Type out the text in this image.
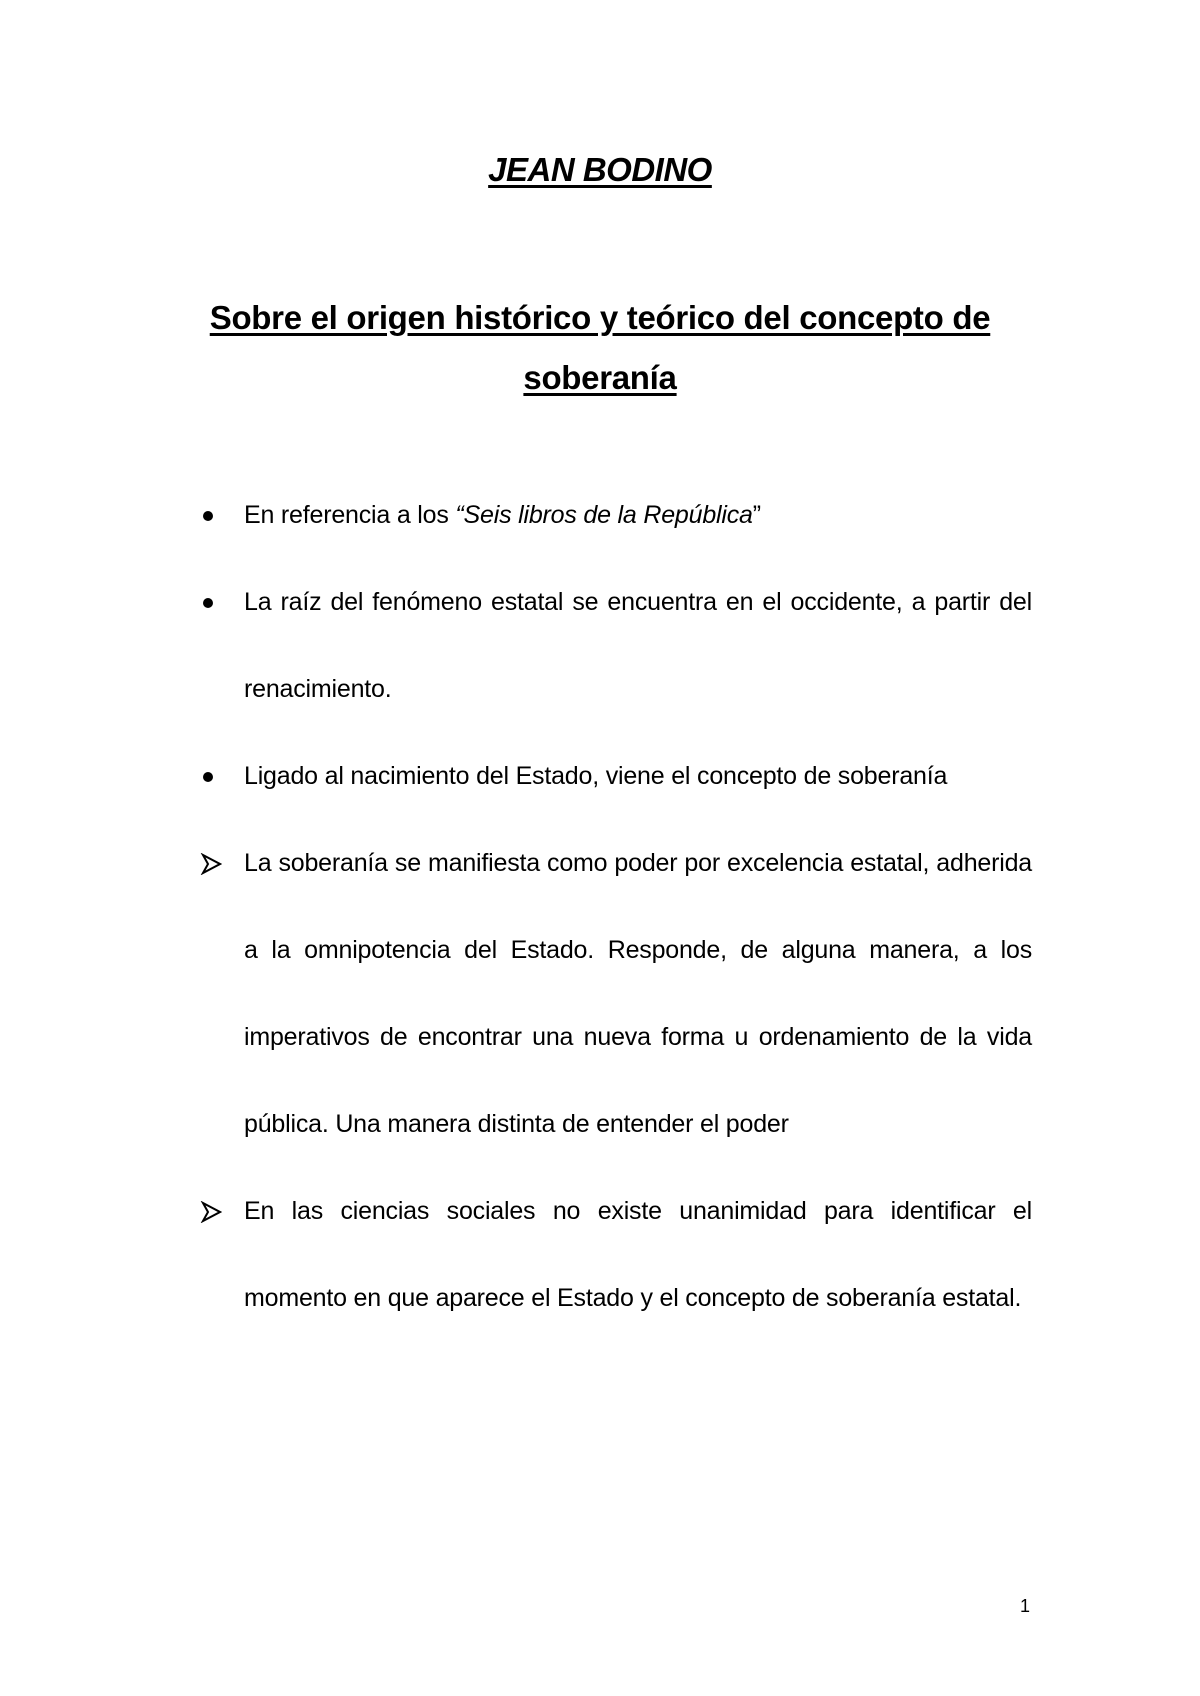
JEAN BODINO
Sobre el origen histórico y teórico del concepto de soberanía
En referencia a los “Seis libros de la República”
La raíz del fenómeno estatal se encuentra en el occidente, a partir del renacimiento.
Ligado al nacimiento del Estado, viene el concepto de soberanía
La soberanía se manifiesta como poder por excelencia estatal, adherida a la omnipotencia del Estado. Responde, de alguna manera, a los imperativos de encontrar una nueva forma u ordenamiento de la vida pública. Una manera distinta de entender el poder
En las ciencias sociales no existe unanimidad para identificar el momento en que aparece el Estado y el concepto de soberanía estatal.
1
